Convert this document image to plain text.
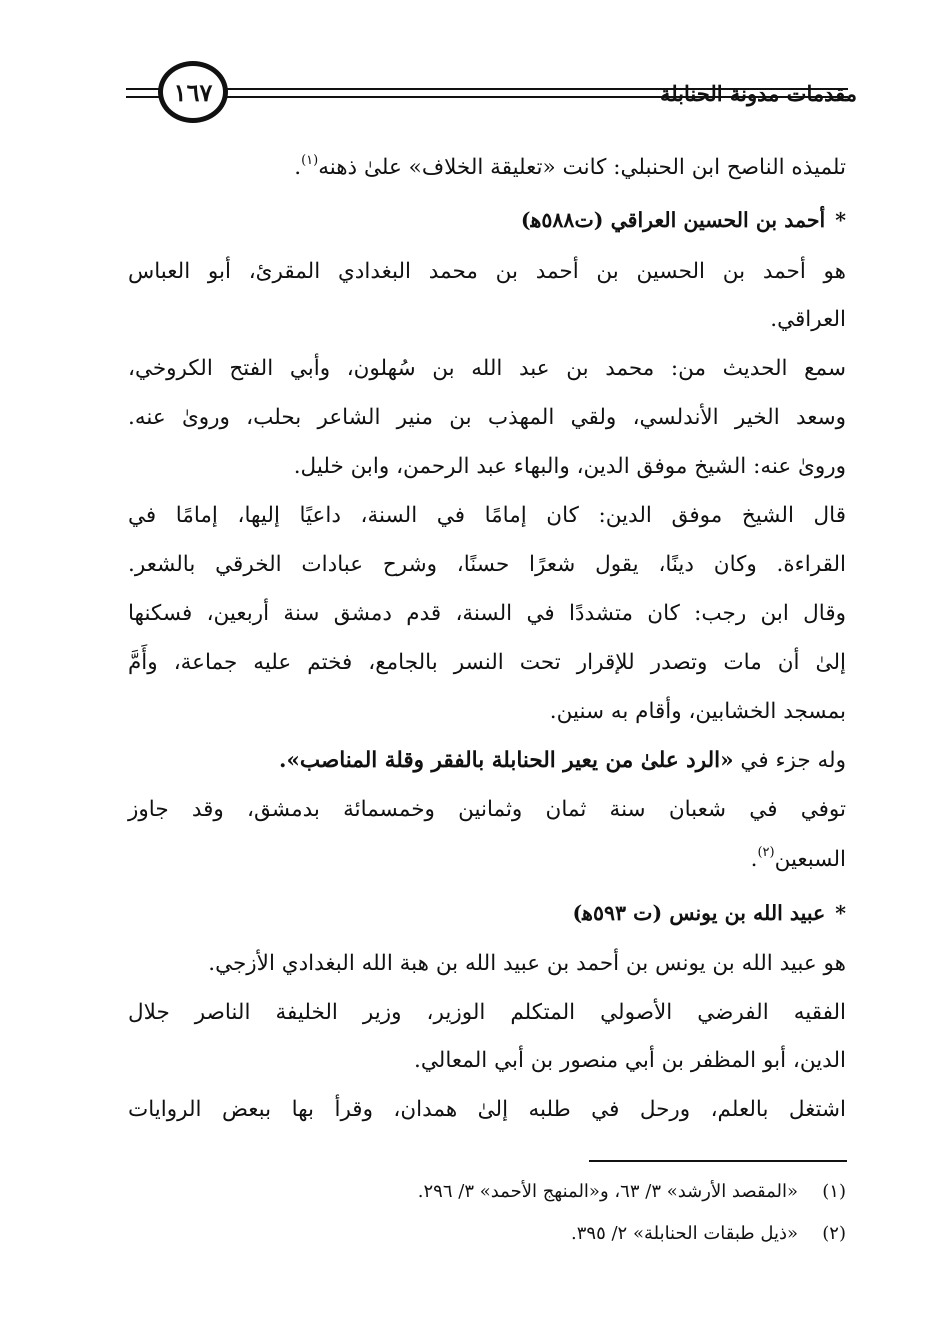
مقدمات مدونة الحنابلة
١٦٧
تلميذه الناصح ابن الحنبلي: كانت «تعليقة الخلاف» علىٰ ذهنه$^{(١)}$.
*أحمد بن الحسين العراقي (ت٥٨٨ﻫ)
هو أحمد بن الحسين بن أحمد بن محمد البغدادي المقرئ، أبو العباس
العراقي.
سمع الحديث من: محمد بن عبد الله بن سُهلون، وأبي الفتح الكروخي،
وسعد الخير الأندلسي، ولقي المهذب بن منير الشاعر بحلب، وروىٰ عنه.
وروىٰ عنه: الشيخ موفق الدين، والبهاء عبد الرحمن، وابن خليل.
قال الشيخ موفق الدين: كان إمامًا في السنة، داعيًا إليها، إمامًا في
القراءة. وكان دينًا، يقول شعرًا حسنًا، وشرح عبادات الخرقي بالشعر.
وقال ابن رجب: كان متشددًا في السنة، قدم دمشق سنة أربعين، فسكنها
إلىٰ أن مات وتصدر للإقرار تحت النسر بالجامع، فختم عليه جماعة، وأَمَّ
بمسجد الخشابين، وأقام به سنين.
وله جزء في «الرد علىٰ من يعير الحنابلة بالفقر وقلة المناصب».
توفي في شعبان سنة ثمان وثمانين وخمسمائة بدمشق، وقد جاوز
السبعين$^{(٢)}$.
*عبيد الله بن يونس (ت ٥٩٣ﻫ)
هو عبيد الله بن يونس بن أحمد بن عبيد الله بن هبة الله البغدادي الأزجي.
الفقيه الفرضي الأصولي المتكلم الوزير، وزير الخليفة الناصر جلال
الدين، أبو المظفر بن أبي منصور بن أبي المعالي.
اشتغل بالعلم، ورحل في طلبه إلىٰ همدان، وقرأ بها ببعض الروايات
(١)«المقصد الأرشد» ٣/ ٦٣، و«المنهج الأحمد» ٣/ ٢٩٦.
(٢)«ذيل طبقات الحنابلة» ٢/ ٣٩٥.
